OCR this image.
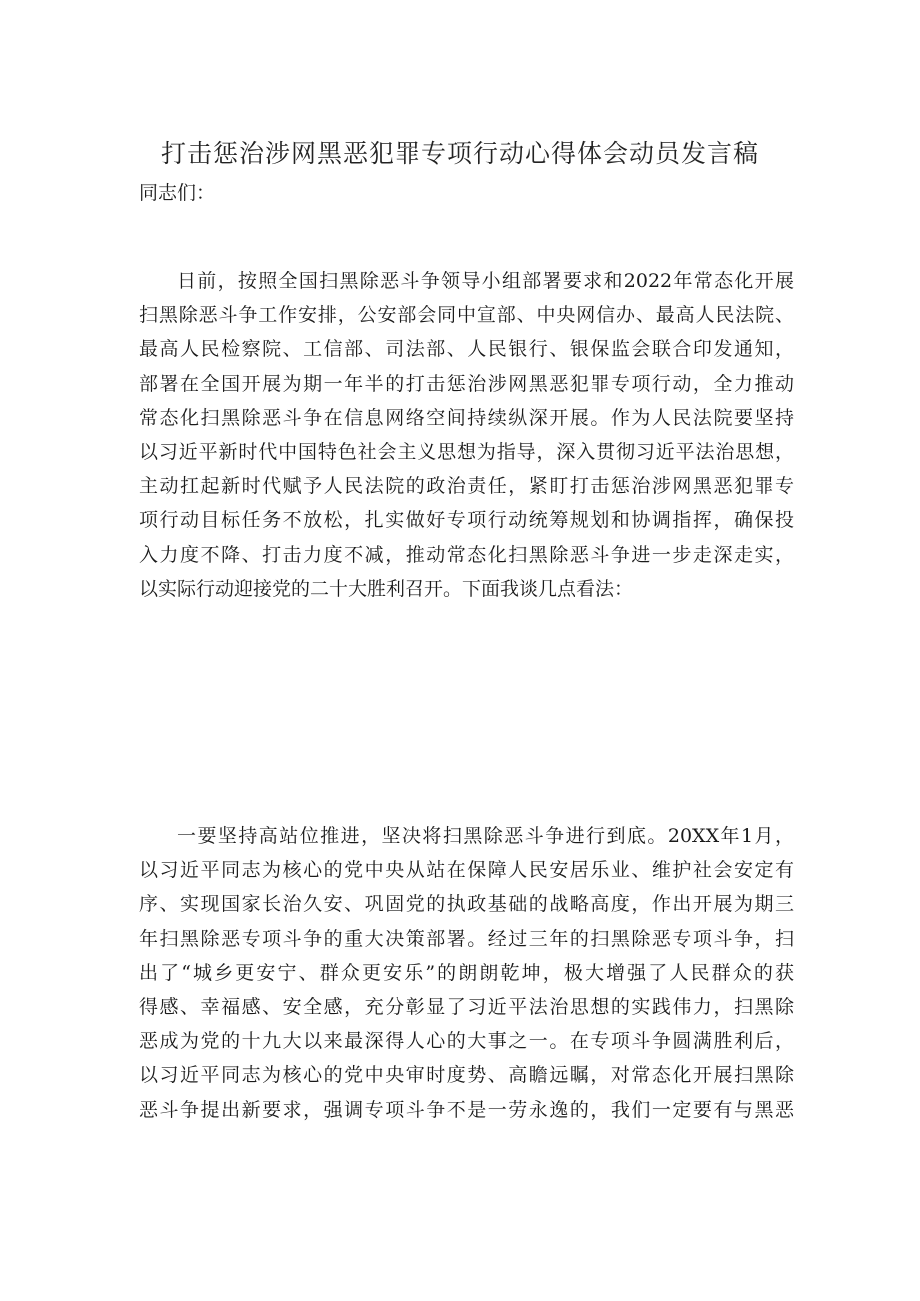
打击惩治涉网黑恶犯罪专项行动心得体会动员发言稿

同志们：

日前，按照全国扫黑除恶斗争领导小组部署要求和2022年常态化开展
扫黑除恶斗争工作安排，公安部会同中宣部、中央网信办、最高人民法院、
最高人民检察院、工信部、司法部、人民银行、银保监会联合印发通知，
部署在全国开展为期一年半的打击惩治涉网黑恶犯罪专项行动，全力推动
常态化扫黑除恶斗争在信息网络空间持续纵深开展。作为人民法院要坚持
以习近平新时代中国特色社会主义思想为指导，深入贯彻习近平法治思想，
主动扛起新时代赋予人民法院的政治责任，紧盯打击惩治涉网黑恶犯罪专
项行动目标任务不放松，扎实做好专项行动统筹规划和协调指挥，确保投
入力度不降、打击力度不减，推动常态化扫黑除恶斗争进一步走深走实，
以实际行动迎接党的二十大胜利召开。下面我谈几点看法：

一要坚持高站位推进，坚决将扫黑除恶斗争进行到底。20XX年1月，
以习近平同志为核心的党中央从站在保障人民安居乐业、维护社会安定有
序、实现国家长治久安、巩固党的执政基础的战略高度，作出开展为期三
年扫黑除恶专项斗争的重大决策部署。经过三年的扫黑除恶专项斗争，扫
出了“城乡更安宁、群众更安乐”的朗朗乾坤，极大增强了人民群众的获
得感、幸福感、安全感，充分彰显了习近平法治思想的实践伟力，扫黑除
恶成为党的十九大以来最深得人心的大事之一。在专项斗争圆满胜利后，
以习近平同志为核心的党中央审时度势、高瞻远瞩，对常态化开展扫黑除
恶斗争提出新要求，强调专项斗争不是一劳永逸的，我们一定要有与黑恶
